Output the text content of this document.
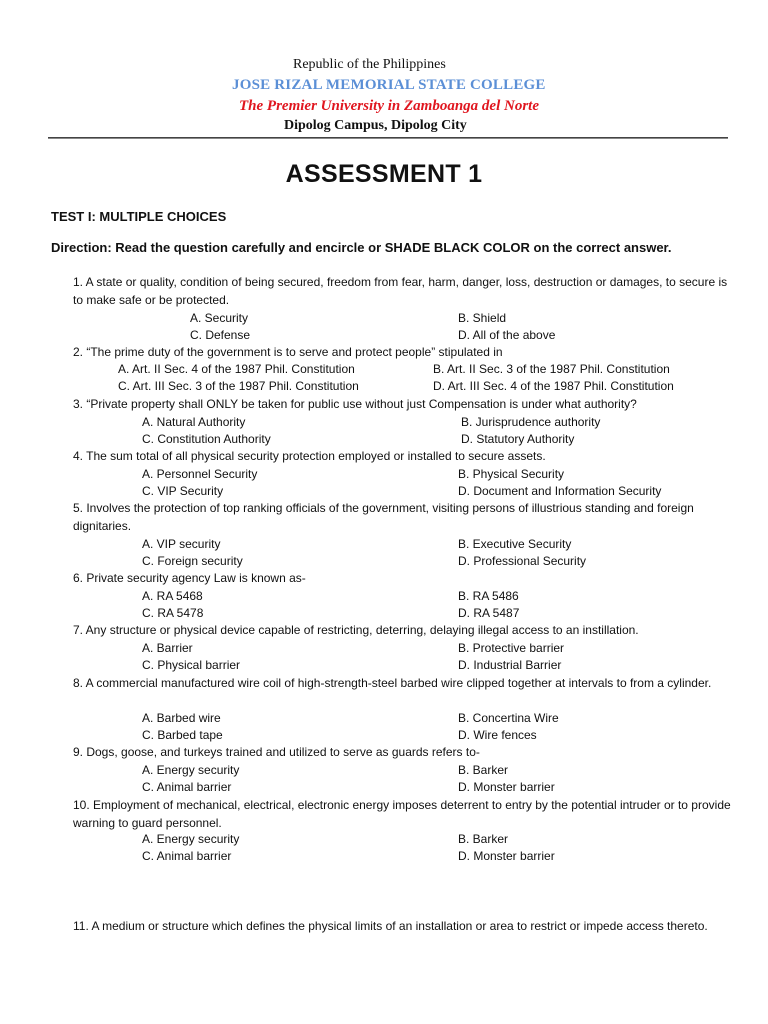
Republic of the Philippines
JOSE RIZAL MEMORIAL STATE COLLEGE
The Premier University in Zamboanga del Norte
Dipolog Campus, Dipolog City
ASSESSMENT 1
TEST I: MULTIPLE CHOICES
Direction: Read the question carefully and encircle or SHADE BLACK COLOR on the correct answer.
1. A state or quality, condition of being secured, freedom from fear, harm, danger, loss, destruction or damages, to secure is to make safe or be protected.
A. Security	B. Shield
C. Defense	D. All of the above
2. “The prime duty of the government is to serve and protect people” stipulated in
A. Art. II Sec. 4 of the 1987 Phil. Constitution	B. Art. II Sec. 3 of the 1987 Phil. Constitution
C. Art. III Sec. 3 of the 1987 Phil. Constitution	D. Art. III Sec. 4 of the 1987 Phil. Constitution
3. “Private property shall ONLY be taken for public use without just Compensation is under what authority?
A. Natural Authority	B. Jurisprudence authority
C. Constitution Authority	D. Statutory Authority
4. The sum total of all physical security protection employed or installed to secure assets.
A. Personnel Security	B. Physical Security
C. VIP Security	D. Document and Information Security
5. Involves the protection of top ranking officials of the government, visiting persons of illustrious standing and foreign dignitaries.
A. VIP security	B. Executive Security
C. Foreign security	D. Professional Security
6. Private security agency Law is known as-
A. RA 5468	B. RA 5486
C. RA 5478	D. RA 5487
7. Any structure or physical device capable of restricting, deterring, delaying illegal access to an instillation.
A. Barrier	B. Protective barrier
C. Physical barrier	D. Industrial Barrier
8. A commercial manufactured wire coil of high-strength-steel barbed wire clipped together at intervals to from a cylinder.
A. Barbed wire	B. Concertina Wire
C. Barbed tape	D. Wire fences
9. Dogs, goose, and turkeys trained and utilized to serve as guards refers to-
A. Energy security	B. Barker
C. Animal barrier	D. Monster barrier
10. Employment of mechanical, electrical, electronic energy imposes deterrent to entry by the potential intruder or to provide warning to guard personnel.
A. Energy security	B. Barker
C. Animal barrier	D. Monster barrier
11. A medium or structure which defines the physical limits of an installation or area to restrict or impede access thereto.
